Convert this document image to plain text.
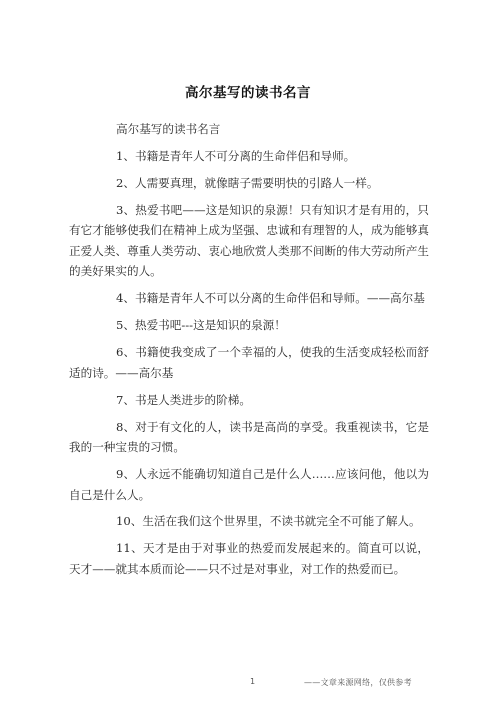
高尔基写的读书名言

高尔基写的读书名言

1、书籍是青年人不可分离的生命伴侣和导师。

2、人需要真理，就像瞎子需要明快的引路人一样。

3、热爱书吧——这是知识的泉源！只有知识才是有用的，只有它才能够使我们在精神上成为坚强、忠诚和有理智的人，成为能够真正爱人类、尊重人类劳动、衷心地欣赏人类那不间断的伟大劳动所产生的美好果实的人。

4、书籍是青年人不可以分离的生命伴侣和导师。——高尔基

5、热爱书吧---这是知识的泉源！

6、书籍使我变成了一个幸福的人，使我的生活变成轻松而舒适的诗。——高尔基

7、书是人类进步的阶梯。

8、对于有文化的人，读书是高尚的享受。我重视读书，它是我的一种宝贵的习惯。

9、人永远不能确切知道自己是什么人……应该问他，他以为自己是什么人。

10、生活在我们这个世界里，不读书就完全不可能了解人。

11、天才是由于对事业的热爱而发展起来的。简直可以说，天才——就其本质而论——只不过是对事业，对工作的热爱而已。

1	——文章来源网络，仅供参考
